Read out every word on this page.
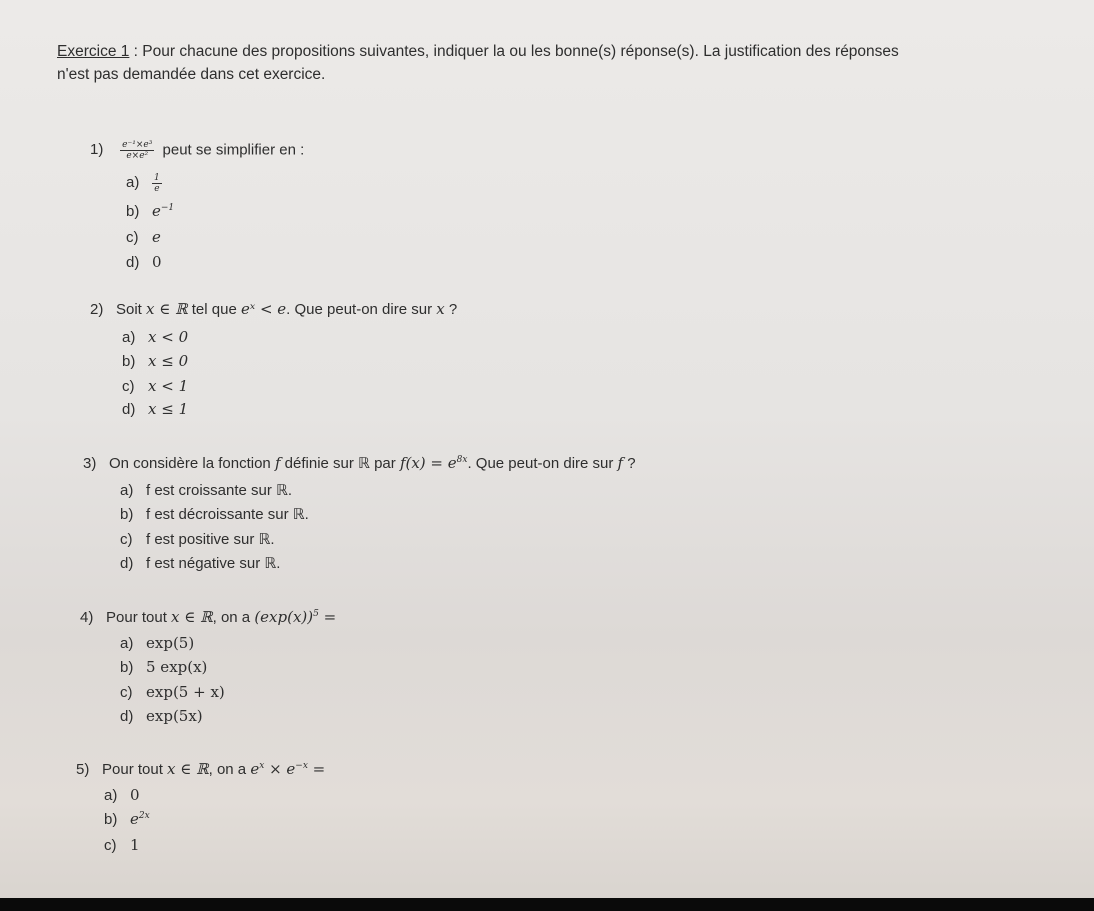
Exercice 1 : Pour chacune des propositions suivantes, indiquer la ou les bonne(s) réponse(s). La justification des réponses
n'est pas demandée dans cet exercice.
$1) \frac{\text{e⁻¹×e³}}{\text{e×e²}}$ peut se simplifier en :
$a) \frac{1}{e}$
b) $e^{-1}$
c) e
d) 0
2) Soit x ∈ ℝ tel que eˣ < e. Que peut-on dire sur x ?
a) x < 0
b) x ≤ 0
c) x < 1
d) x ≤ 1
3) On considère la fonction f définie sur ℝ par $f(x) = e^{8x}$. Que peut-on dire sur f ?
a) f est croissante sur ℝ.
b) f est décroissante sur ℝ.
c) f est positive sur ℝ.
d) f est négative sur ℝ.
4) Pour tout x ∈ ℝ, on a $(\exp(x))^5$ =
a) exp(5)
b) 5 exp(x)
c) exp(5 + x)
d) exp(5x)
5) Pour tout x ∈ ℝ, on a $e^x \times e^{-x}$ =
a) 0
b) $e^{2x}$
c) 1
